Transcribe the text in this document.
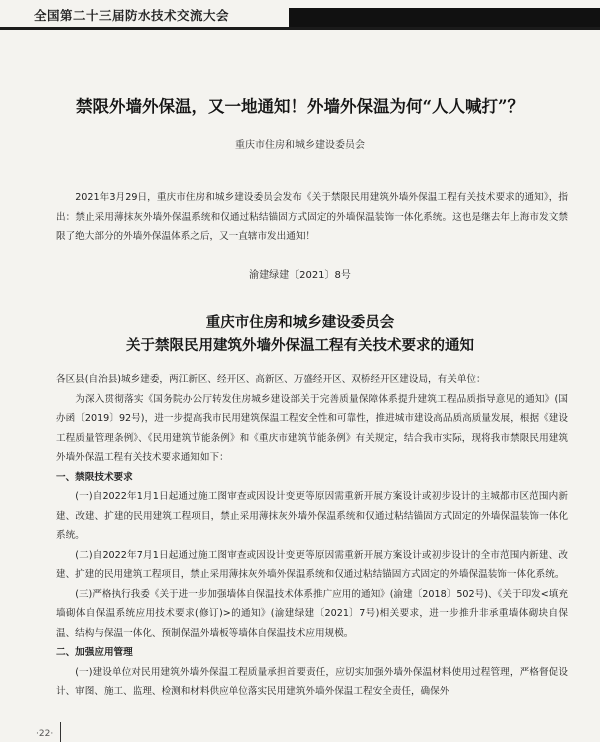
全国第二十三届防水技术交流大会
禁限外墙外保温，又一地通知！外墙外保温为何“人人喊打”？
重庆市住房和城乡建设委员会

2021年3月29日，重庆市住房和城乡建设委员会发布《关于禁限民用建筑外墙外保温工程有关技术要求的通知》，指出：禁止采用薄抹灰外墙外保温系统和仅通过粘结锚固方式固定的外墙保温装饰一体化系统。这也是继去年上海市发文禁限了绝大部分的外墙外保温体系之后，又一直辖市发出通知！

渝建绿建〔2021〕8号
重庆市住房和城乡建设委员会
关于禁限民用建筑外墙外保温工程有关技术要求的通知

各区县(自治县)城乡建委，两江新区、经开区、高新区、万盛经开区、双桥经开区建设局，有关单位：

为深入贯彻落实《国务院办公厅转发住房城乡建设部关于完善质量保障体系提升建筑工程品质指导意见的通知》(国办函〔2019〕92号)，进一步提高我市民用建筑保温工程安全性和可靠性，推进城市建设高品质高质量发展，根据《建设工程质量管理条例》、《民用建筑节能条例》和《重庆市建筑节能条例》有关规定，结合我市实际，现将我市禁限民用建筑外墙外保温工程有关技术要求通知如下：

一、禁限技术要求

(一)自2022年1月1日起通过施工图审查或因设计变更等原因需重新开展方案设计或初步设计的主城都市区范围内新建、改建、扩建的民用建筑工程项目，禁止采用薄抹灰外墙外保温系统和仅通过粘结锚固方式固定的外墙保温装饰一体化系统。

(二)自2022年7月1日起通过施工图审查或因设计变更等原因需重新开展方案设计或初步设计的全市范围内新建、改建、扩建的民用建筑工程项目，禁止采用薄抹灰外墙外保温系统和仅通过粘结锚固方式固定的外墙保温装饰一体化系统。

(三)严格执行我委《关于进一步加强墙体自保温技术体系推广应用的通知》(渝建〔2018〕502号)、《关于印发<填充墙砌体自保温系统应用技术要求(修订)>的通知》(渝建绿建〔2021〕7号)相关要求，进一步推升非承重墙体砌块自保温、结构与保温一体化、预制保温外墙板等墙体自保温技术应用规模。

二、加强应用管理

(一)建设单位对民用建筑外墙外保温工程质量承担首要责任，应切实加强外墙外保温材料使用过程管理，严格督促设计、审图、施工、监理、检测和材料供应单位落实民用建筑外墙外保温工程安全责任，确保外

·22·
